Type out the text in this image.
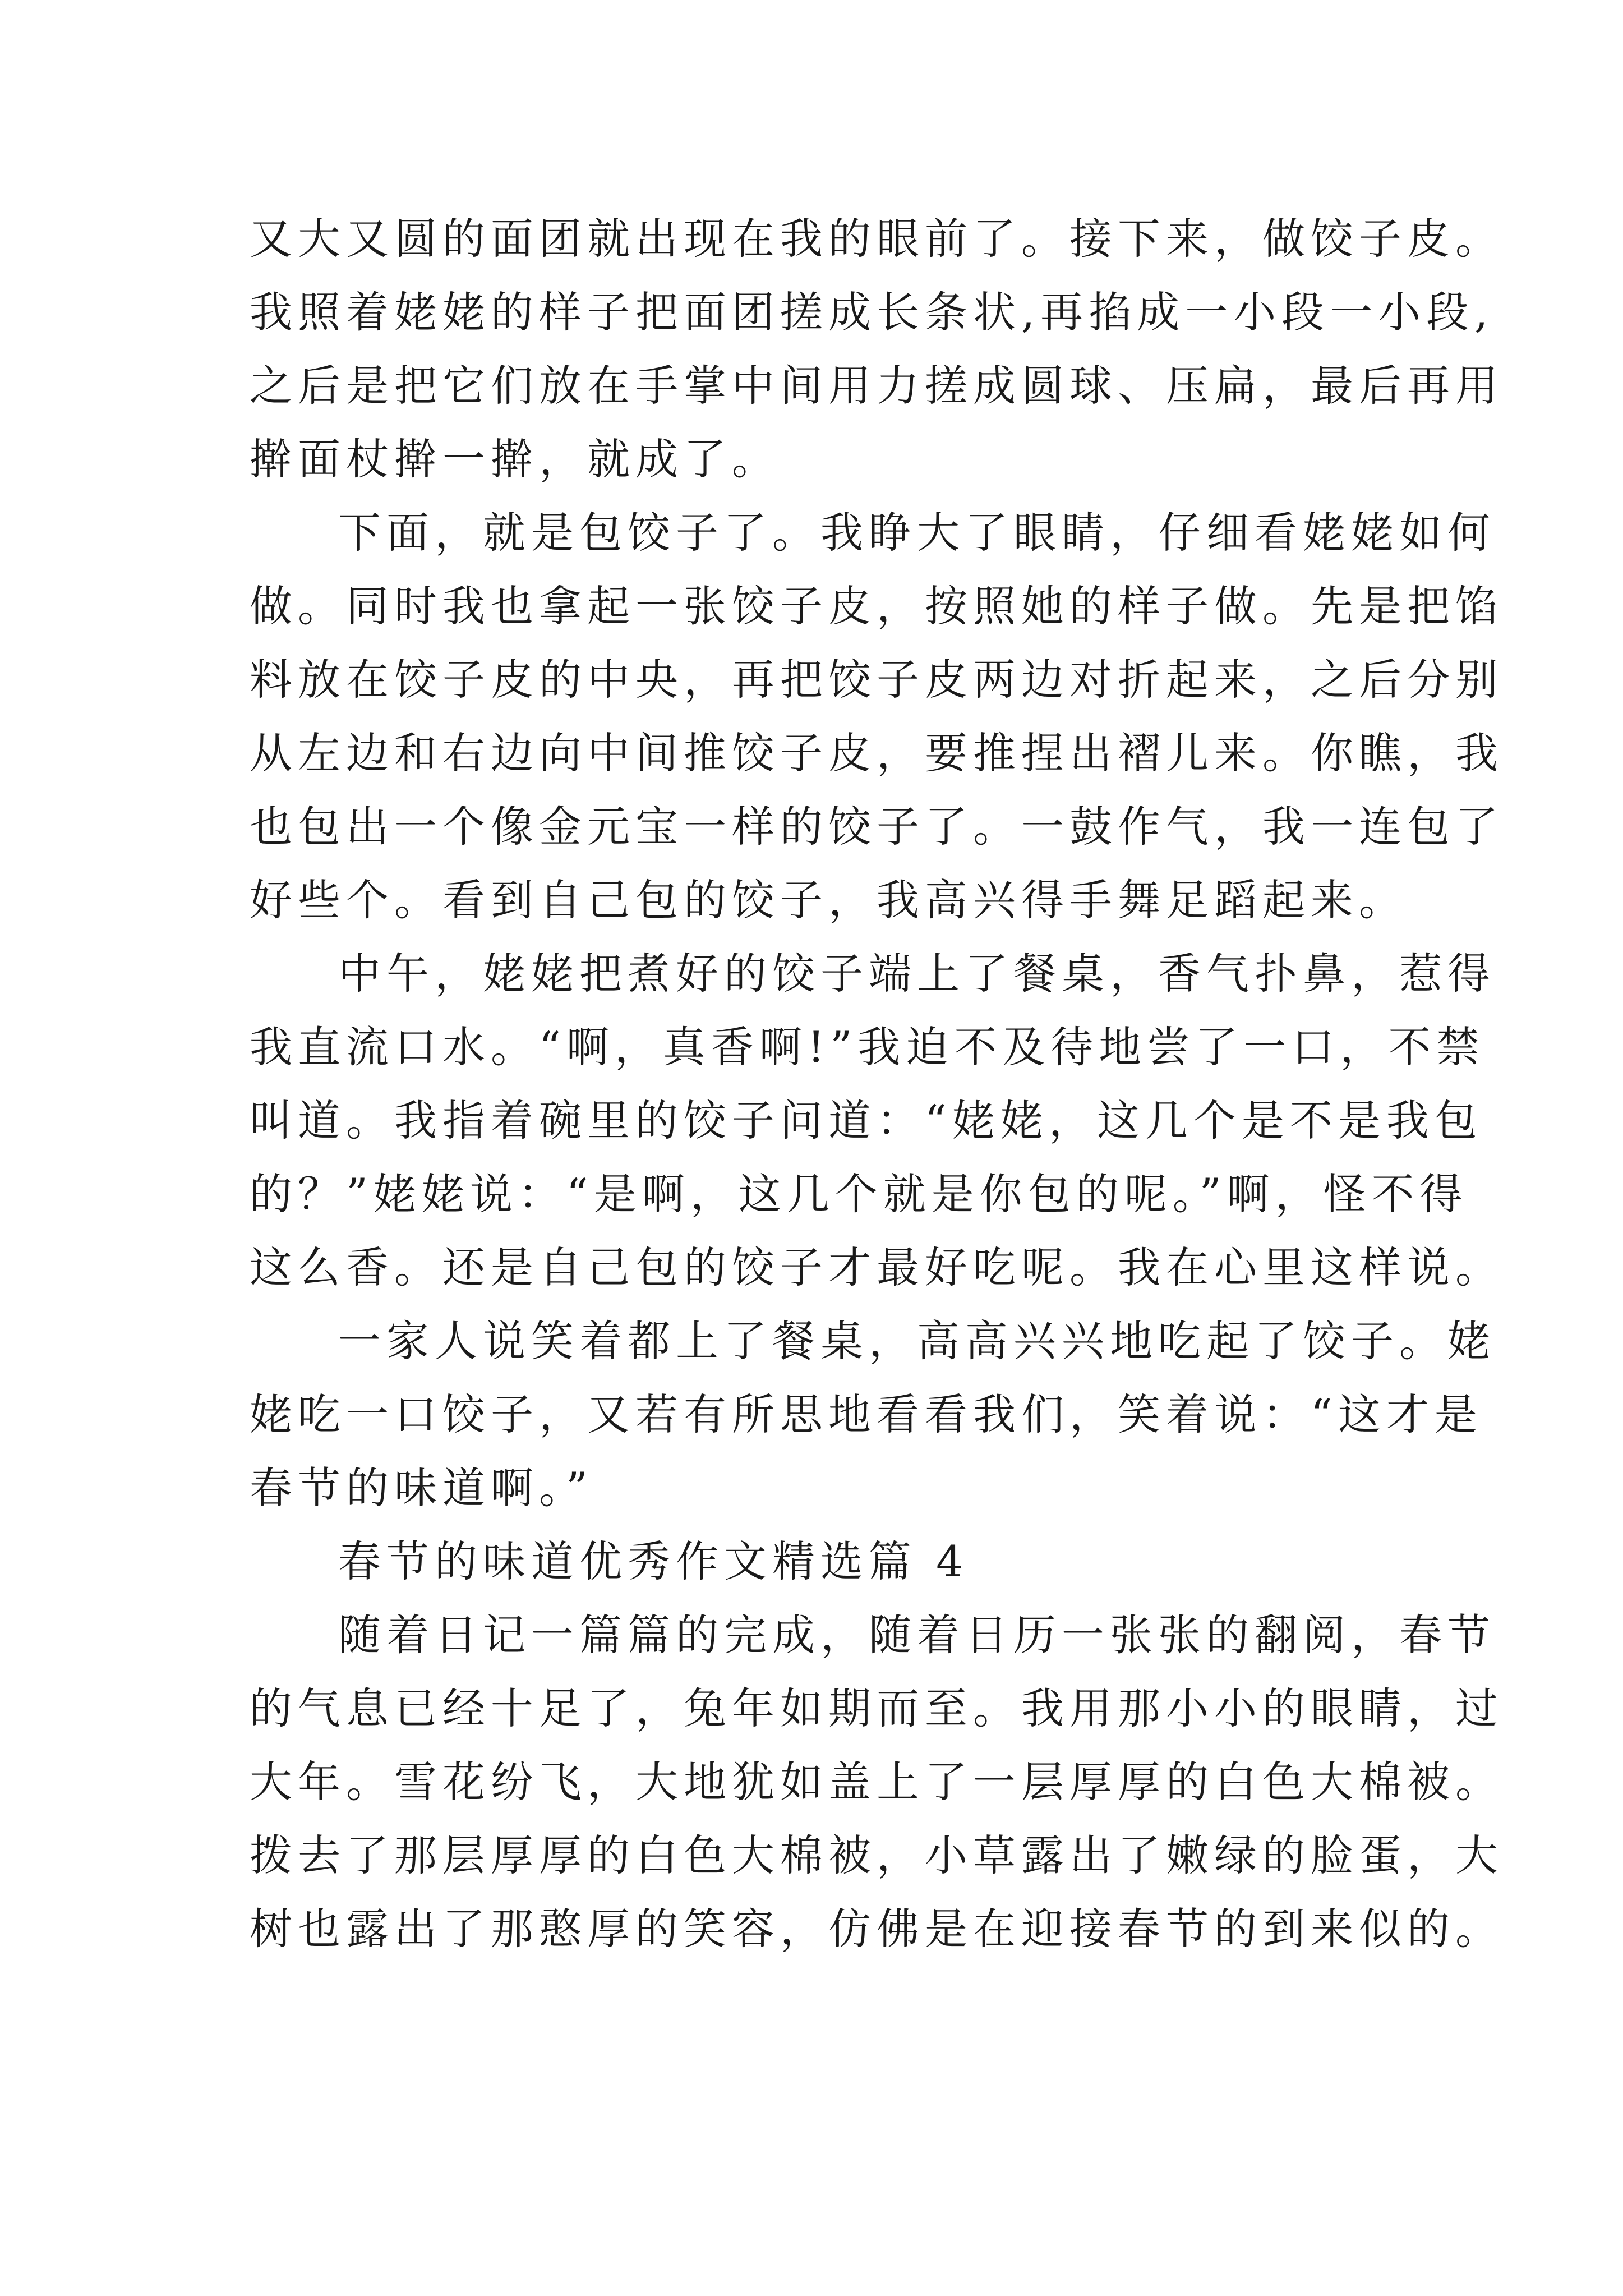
又大又圆的面团就出现在我的眼前了。接下来，做饺子皮。
我照着姥姥的样子把面团搓成长条状,再掐成一小段一小段,
之后是把它们放在手掌中间用力搓成圆球、压扁，最后再用
擀面杖擀一擀，就成了。
下面，就是包饺子了。我睁大了眼睛，仔细看姥姥如何
做。同时我也拿起一张饺子皮，按照她的样子做。先是把馅
料放在饺子皮的中央，再把饺子皮两边对折起来，之后分别
从左边和右边向中间推饺子皮，要推捏出褶儿来。你瞧，我
也包出一个像金元宝一样的饺子了。一鼓作气，我一连包了
好些个。看到自己包的饺子，我高兴得手舞足蹈起来。
中午，姥姥把煮好的饺子端上了餐桌，香气扑鼻，惹得
我直流口水。“啊，真香啊!”我迫不及待地尝了一口，不禁
叫道。我指着碗里的饺子问道：“姥姥，这几个是不是我包
的？”姥姥说：“是啊，这几个就是你包的呢。”啊，怪不得
这么香。还是自己包的饺子才最好吃呢。我在心里这样说。
一家人说笑着都上了餐桌，高高兴兴地吃起了饺子。姥
姥吃一口饺子，又若有所思地看看我们，笑着说：“这才是
春节的味道啊。”
春节的味道优秀作文精选篇 4
随着日记一篇篇的完成，随着日历一张张的翻阅，春节
的气息已经十足了，兔年如期而至。我用那小小的眼睛，过
大年。雪花纷飞，大地犹如盖上了一层厚厚的白色大棉被。
拨去了那层厚厚的白色大棉被，小草露出了嫩绿的脸蛋，大
树也露出了那憨厚的笑容，仿佛是在迎接春节的到来似的。
